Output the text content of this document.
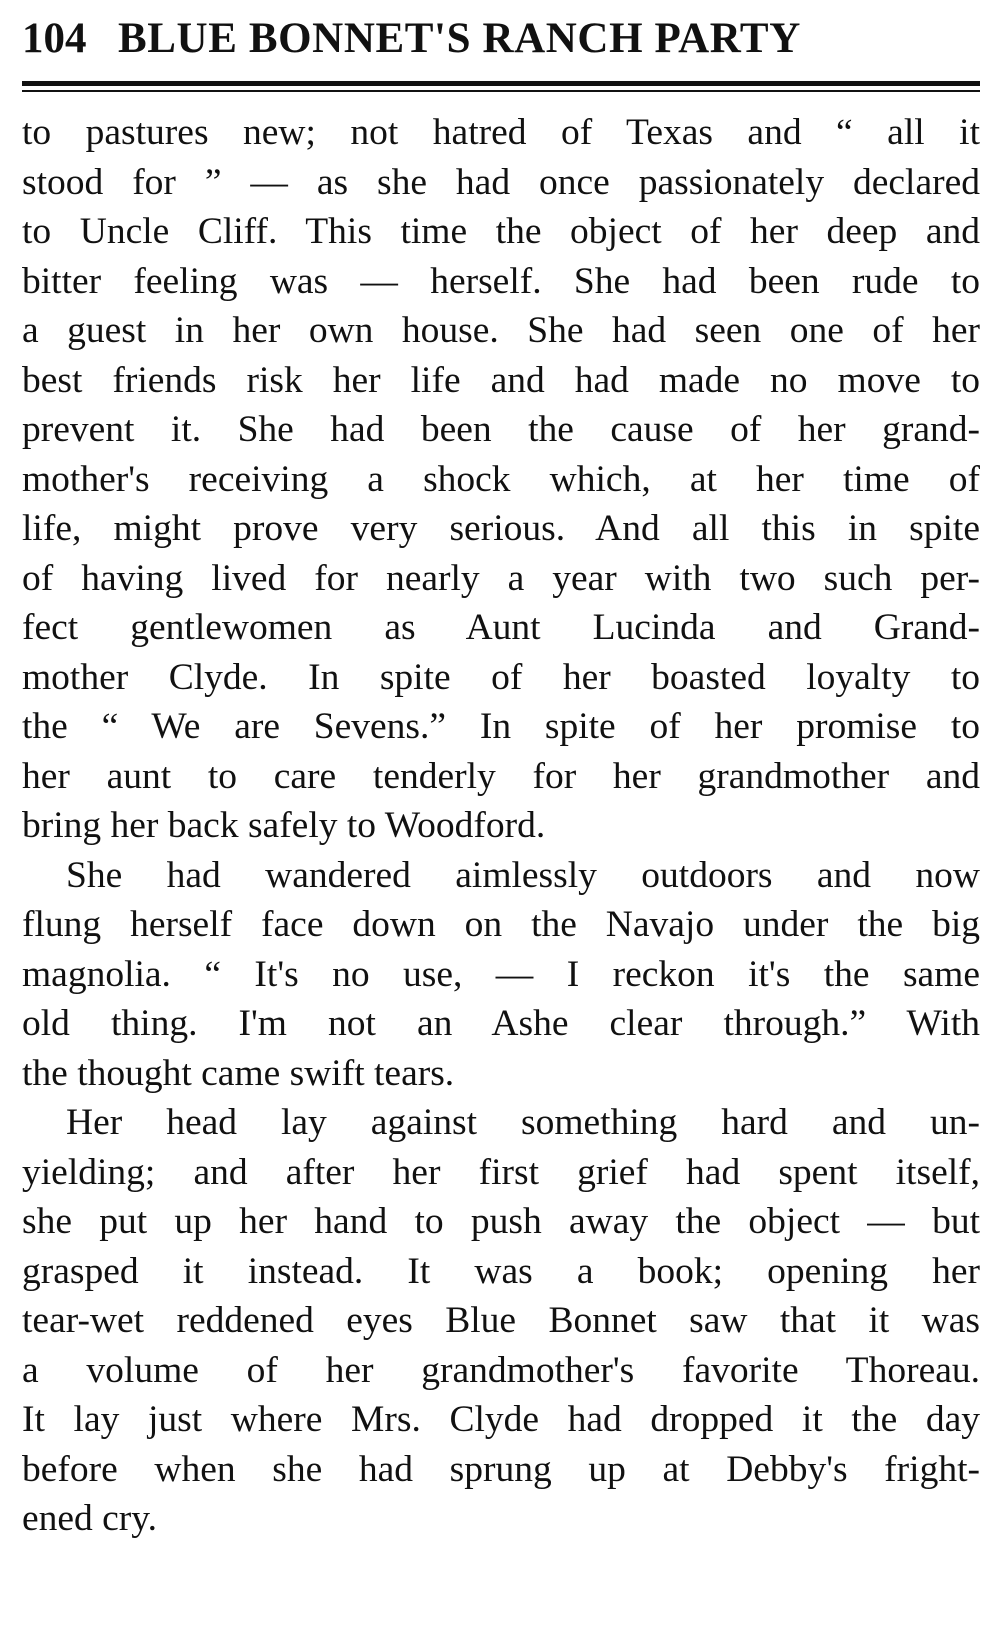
104 BLUE BONNET'S RANCH PARTY
to pastures new; not hatred of Texas and “ all it
stood for ” — as she had once passionately declared
to Uncle Cliff. This time the object of her deep and
bitter feeling was — herself. She had been rude to
a guest in her own house. She had seen one of her
best friends risk her life and had made no move to
prevent it. She had been the cause of her grand-
mother's receiving a shock which, at her time of
life, might prove very serious. And all this in spite
of having lived for nearly a year with two such per-
fect gentlewomen as Aunt Lucinda and Grand-
mother Clyde. In spite of her boasted loyalty to
the “ We are Sevens.” In spite of her promise to
her aunt to care tenderly for her grandmother and
bring her back safely to Woodford.
She had wandered aimlessly outdoors and now
flung herself face down on the Navajo under the big
magnolia. “ It's no use, — I reckon it's the same
old thing. I'm not an Ashe clear through.” With
the thought came swift tears.
Her head lay against something hard and un-
yielding; and after her first grief had spent itself,
she put up her hand to push away the object — but
grasped it instead. It was a book; opening her
tear-wet reddened eyes Blue Bonnet saw that it was
a volume of her grandmother's favorite Thoreau.
It lay just where Mrs. Clyde had dropped it the day
before when she had sprung up at Debby's fright-
ened cry.
